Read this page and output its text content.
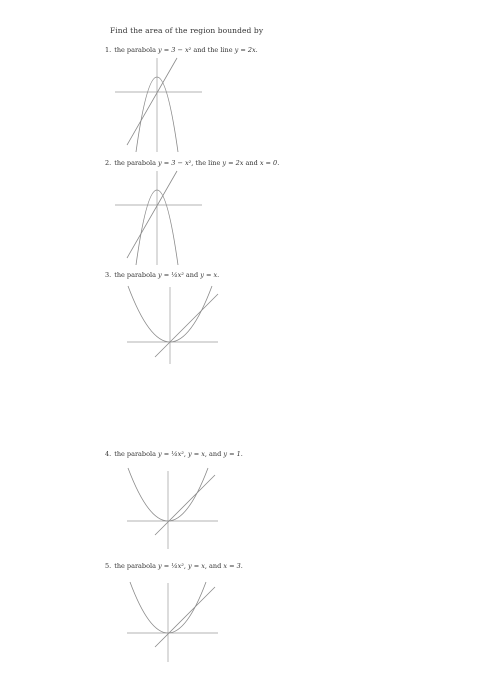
Find the area of the region bounded by
1. the parabola y = 3 − x² and the line y = 2x.
2. the parabola y = 3 − x², the line y = 2x and x = 0.
3. the parabola y = ¼x² and y = x.
4. the parabola y = ¼x², y = x, and y = 1.
5. the parabola y = ¼x², y = x, and x = 3.
